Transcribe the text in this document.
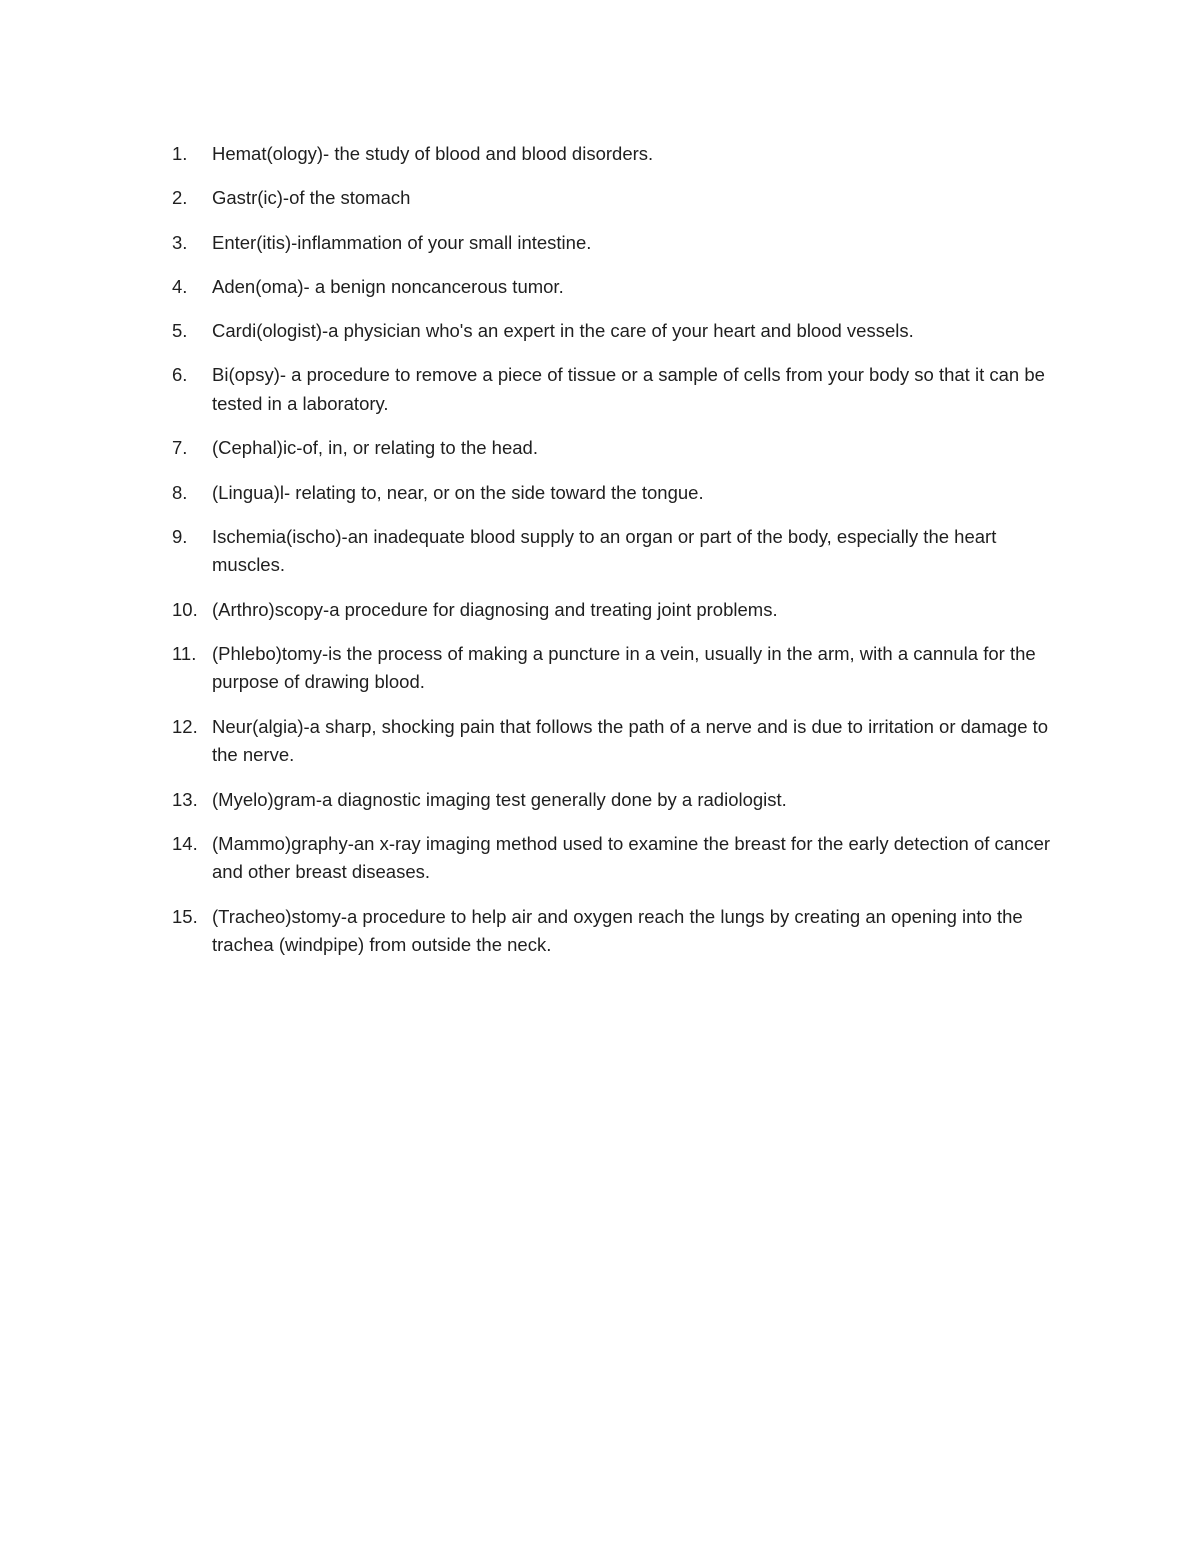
1.	Hemat(ology)- the study of blood and blood disorders.
2.	Gastr(ic)-of the stomach
3.	Enter(itis)-inflammation of your small intestine.
4.	Aden(oma)- a benign noncancerous tumor.
5.	Cardi(ologist)-a physician who's an expert in the care of your heart and blood vessels.
6.	Bi(opsy)- a procedure to remove a piece of tissue or a sample of cells from your body so that it can be tested in a laboratory.
7.	(Cephal)ic-of, in, or relating to the head.
8.	(Lingua)l- relating to, near, or on the side toward the tongue.
9.	Ischemia(ischo)-an inadequate blood supply to an organ or part of the body, especially the heart muscles.
10. (Arthro)scopy-a procedure for diagnosing and treating joint problems.
11. (Phlebo)tomy-is the process of making a puncture in a vein, usually in the arm, with a cannula for the purpose of drawing blood.
12. Neur(algia)-a sharp, shocking pain that follows the path of a nerve and is due to irritation or damage to the nerve.
13. (Myelo)gram-a diagnostic imaging test generally done by a radiologist.
14. (Mammo)graphy-an x-ray imaging method used to examine the breast for the early detection of cancer and other breast diseases.
15. (Tracheo)stomy-a procedure to help air and oxygen reach the lungs by creating an opening into the trachea (windpipe) from outside the neck.
